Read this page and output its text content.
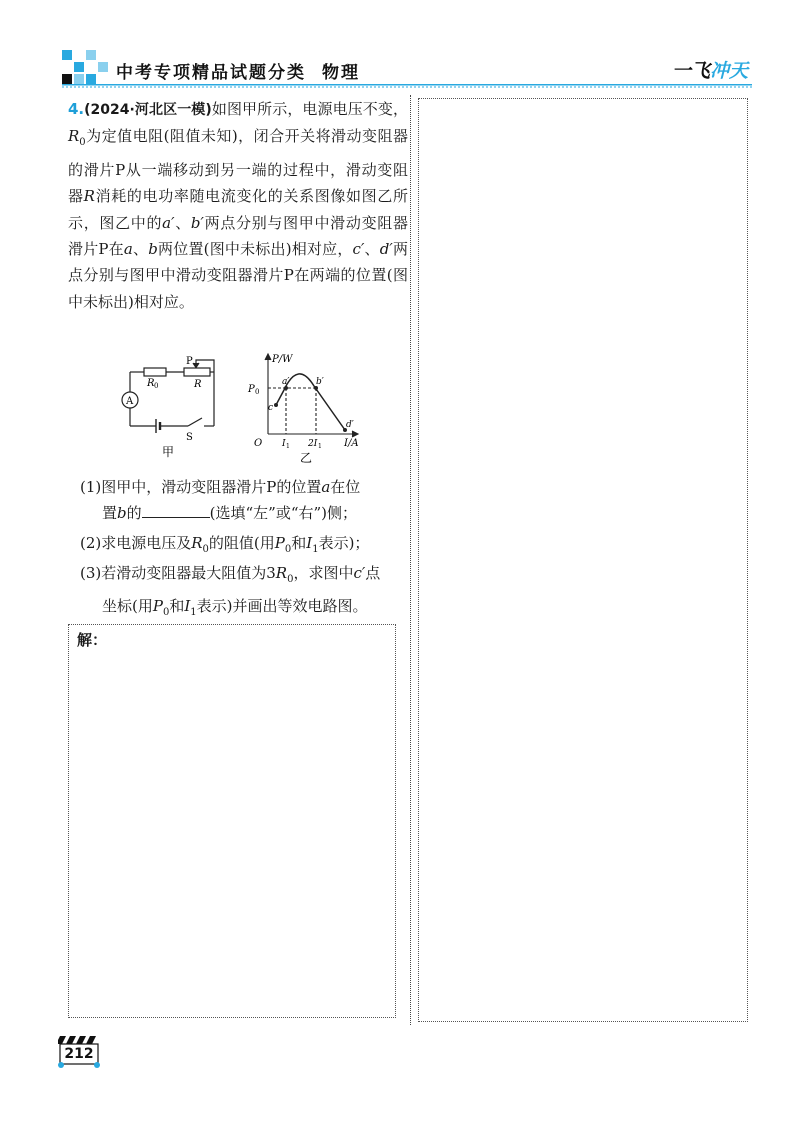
中考专项精品试题分类 物理	一飞冲天
4.(2024·河北区一模)如图甲所示，电源电压不变，$R_0$为定值电阻(阻值未知)，闭合开关将滑动变阻器的滑片P从一端移动到另一端的过程中，滑动变阻器R消耗的电功率随电流变化的关系图像如图乙所示，图乙中的a′、b′两点分别与图甲中滑动变阻器滑片P在a、b两位置(图中未标出)相对应，c′、d′两点分别与图甲中滑动变阻器滑片P在两端的位置(图中未标出)相对应。
R 0	R
P
A
S
甲
P/W
P 0
a′	b′
c
d′
O I 1 2I 1 I/A
乙
(1)图甲中，滑动变阻器滑片P的位置a在位
置b的	(选填“左”或“右”)侧；
(2)求电源电压及$R_0$的阻值(用$P_0$和$I_1$表示)；
(3)若滑动变阻器最大阻值为$3R_0$，求图中c′点
坐标(用$P_0$和$I_1$表示)并画出等效电路图。
解：
212
